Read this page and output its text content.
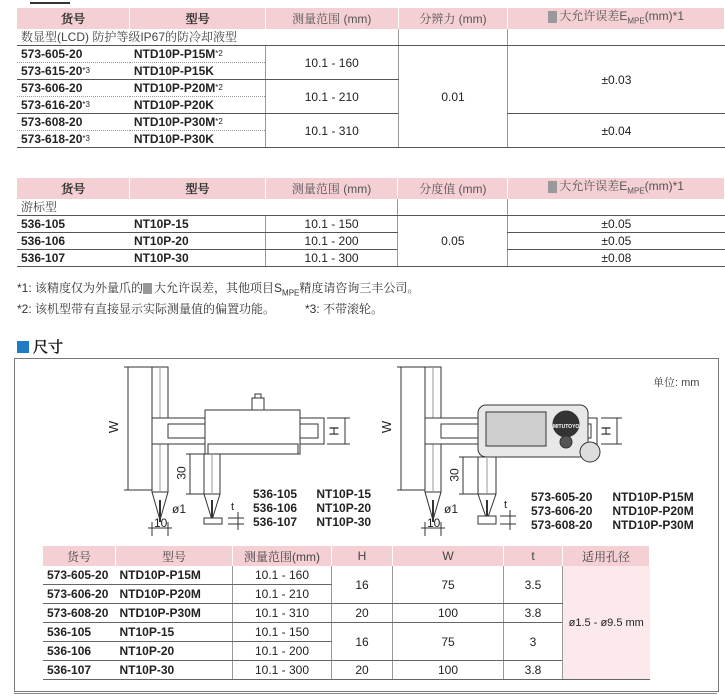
货号	型号	测量范围 (mm)	分辨力 (mm)	大允许误差$E_{MPE}(mm)*1$
数显型(LCD) 防护等级IP67的防冷却液型				
573-605-20	$NTD10P-P15M^{*2}$	10.1 - 160	0.01	±0.03
573-615-20$^{*3}$	NTD10P-P15K			
573-606-20	$NTD10P-P20M^{*2}$	10.1 - 210		
573-616-20$^{*3}$	NTD10P-P20K			
573-608-20	$NTD10P-P30M^{*2}$	10.1 - 310		±0.04
573-618-20$^{*3}$	NTD10P-P30K			
货号	型号	测量范围 (mm)	分度值 (mm)	大允许误差$E_{MPE}(mm)*1$
游标型				
536-105	NT10P-15	10.1 - 150	0.05	±0.05
536-106	NT10P-20	10.1 - 200		±0.05
536-107	NT10P-30	10.1 - 300		±0.08
*1: 该精度仅为外量爪的 大允许误差，其他项目$S_{MPE}$精度请咨询三丰公司。
*2: 该机型带有直接显示实际测量值的偏置功能。	*3: 不带滚轮。
尺寸
单位: mm
W	H
30
ø1
10
t
W	H
30
ø1
10
t
MITUTOYO
536-105 NT10P-15
536-106 NT10P-20
536-107 NT10P-30
573-605-20 NTD10P-P15M
573-606-20 NTD10P-P20M
573-608-20 NTD10P-P30M
货号	型号	测量范围(mm)	H	W	t	适用孔径
573-605-20	NTD10P-P15M	10.1 - 160	16	75	3.5	ø1.5 - ø9.5 mm
573-606-20	NTD10P-P20M	10.1 - 210				
573-608-20	NTD10P-P30M	10.1 - 310	20	100	3.8	
536-105	NT10P-15	10.1 - 150	16	75	3	
536-106	NT10P-20	10.1 - 200				
536-107	NT10P-30	10.1 - 300	20	100	3.8	
